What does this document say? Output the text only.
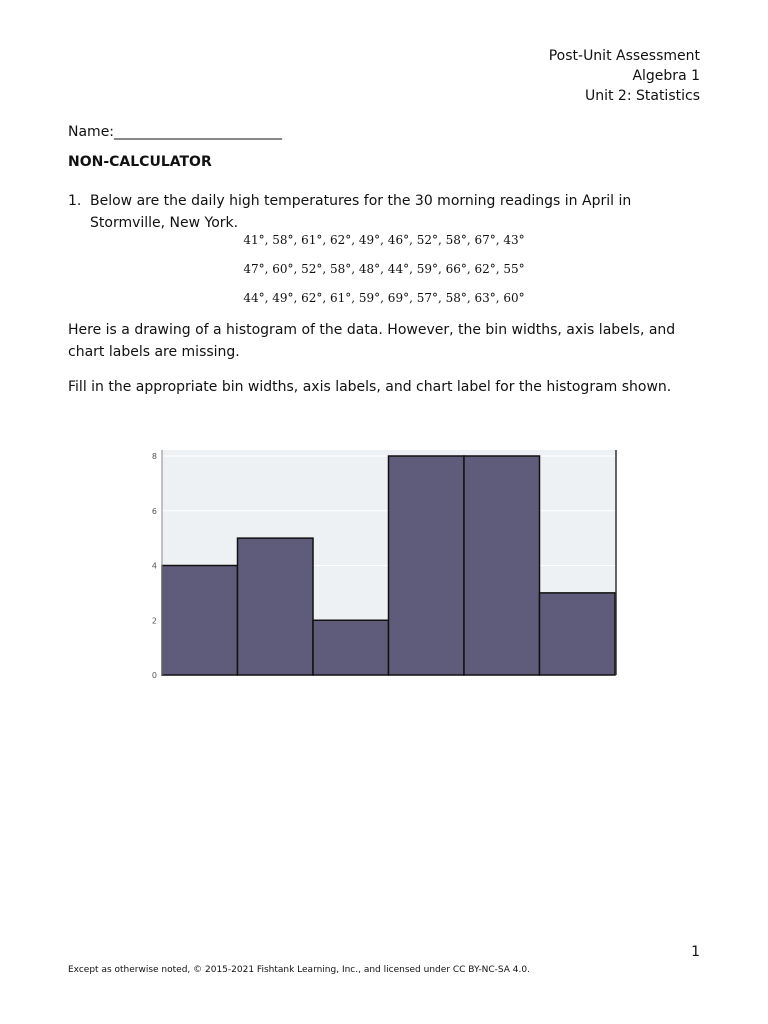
Post-Unit Assessment
Algebra 1
Unit 2: Statistics
Name:________________________
NON-CALCULATOR
1. Below are the daily high temperatures for the 30 morning readings in April in Stormville, New York.
41°, 58°, 61°, 62°, 49°, 46°, 52°, 58°, 67°, 43°
47°, 60°, 52°, 58°, 48°, 44°, 59°, 66°, 62°, 55°
44°, 49°, 62°, 61°, 59°, 69°, 57°, 58°, 63°, 60°
Here is a drawing of a histogram of the data. However, the bin widths, axis labels, and chart labels are missing.
Fill in the appropriate bin widths, axis labels, and chart label for the histogram shown.
0
2
4
6
8
1
Except as otherwise noted, © 2015-2021 Fishtank Learning, Inc., and licensed under CC BY-NC-SA 4.0.
